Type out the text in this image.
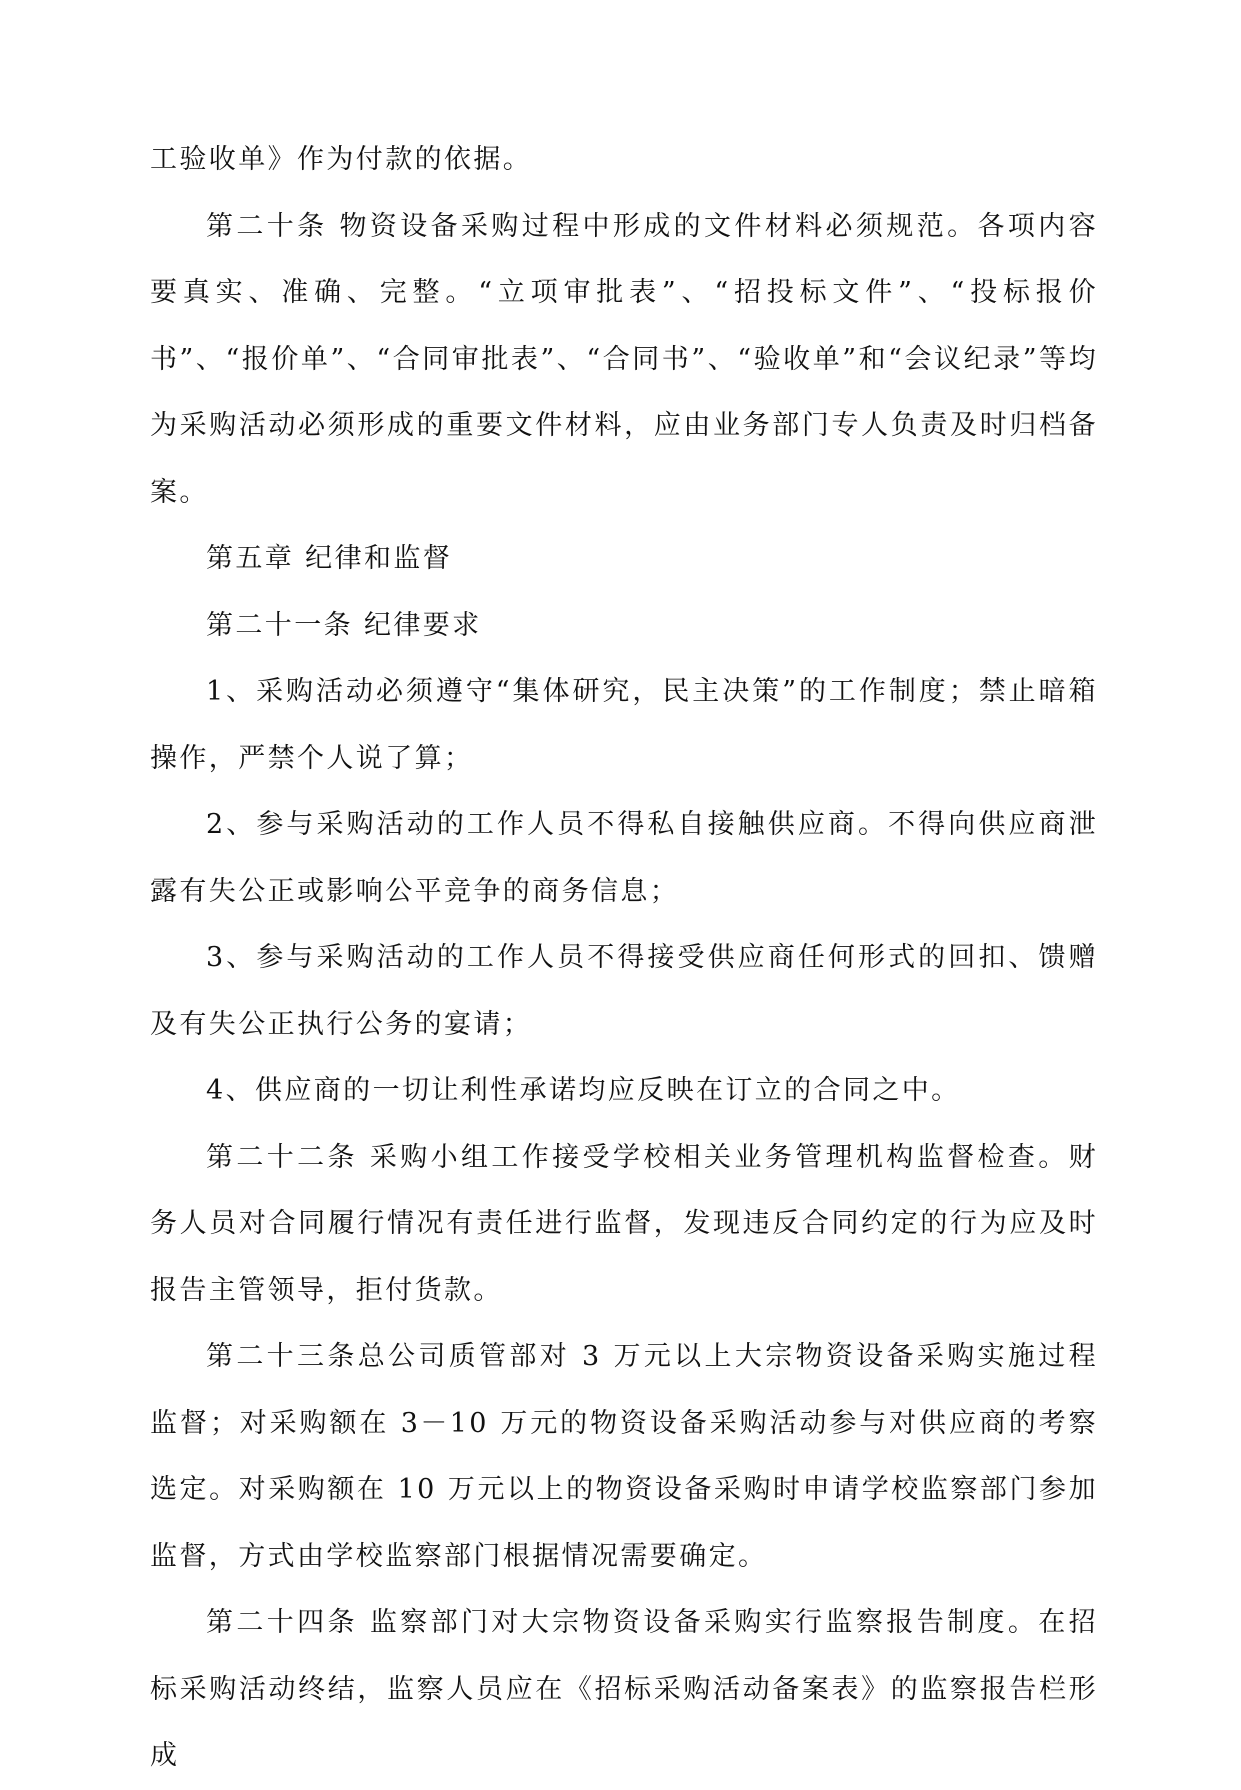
工验收单》作为付款的依据。

第二十条 物资设备采购过程中形成的文件材料必须规范。各项内容要真实、准确、完整。“立项审批表”、“招投标文件”、“投标报价书”、“报价单”、“合同审批表”、“合同书”、“验收单”和“会议纪录”等均为采购活动必须形成的重要文件材料，应由业务部门专人负责及时归档备案。

第五章 纪律和监督

第二十一条 纪律要求

1、采购活动必须遵守“集体研究，民主决策”的工作制度；禁止暗箱操作，严禁个人说了算；

2、参与采购活动的工作人员不得私自接触供应商。不得向供应商泄露有失公正或影响公平竞争的商务信息；

3、参与采购活动的工作人员不得接受供应商任何形式的回扣、馈赠及有失公正执行公务的宴请；

4、供应商的一切让利性承诺均应反映在订立的合同之中。

第二十二条 采购小组工作接受学校相关业务管理机构监督检查。财务人员对合同履行情况有责任进行监督，发现违反合同约定的行为应及时报告主管领导，拒付货款。

第二十三条总公司质管部对 3 万元以上大宗物资设备采购实施过程监督；对采购额在 3－10 万元的物资设备采购活动参与对供应商的考察选定。对采购额在 10 万元以上的物资设备采购时申请学校监察部门参加监督，方式由学校监察部门根据情况需要确定。

第二十四条 监察部门对大宗物资设备采购实行监察报告制度。在招标采购活动终结，监察人员应在《招标采购活动备案表》的监察报告栏形成
